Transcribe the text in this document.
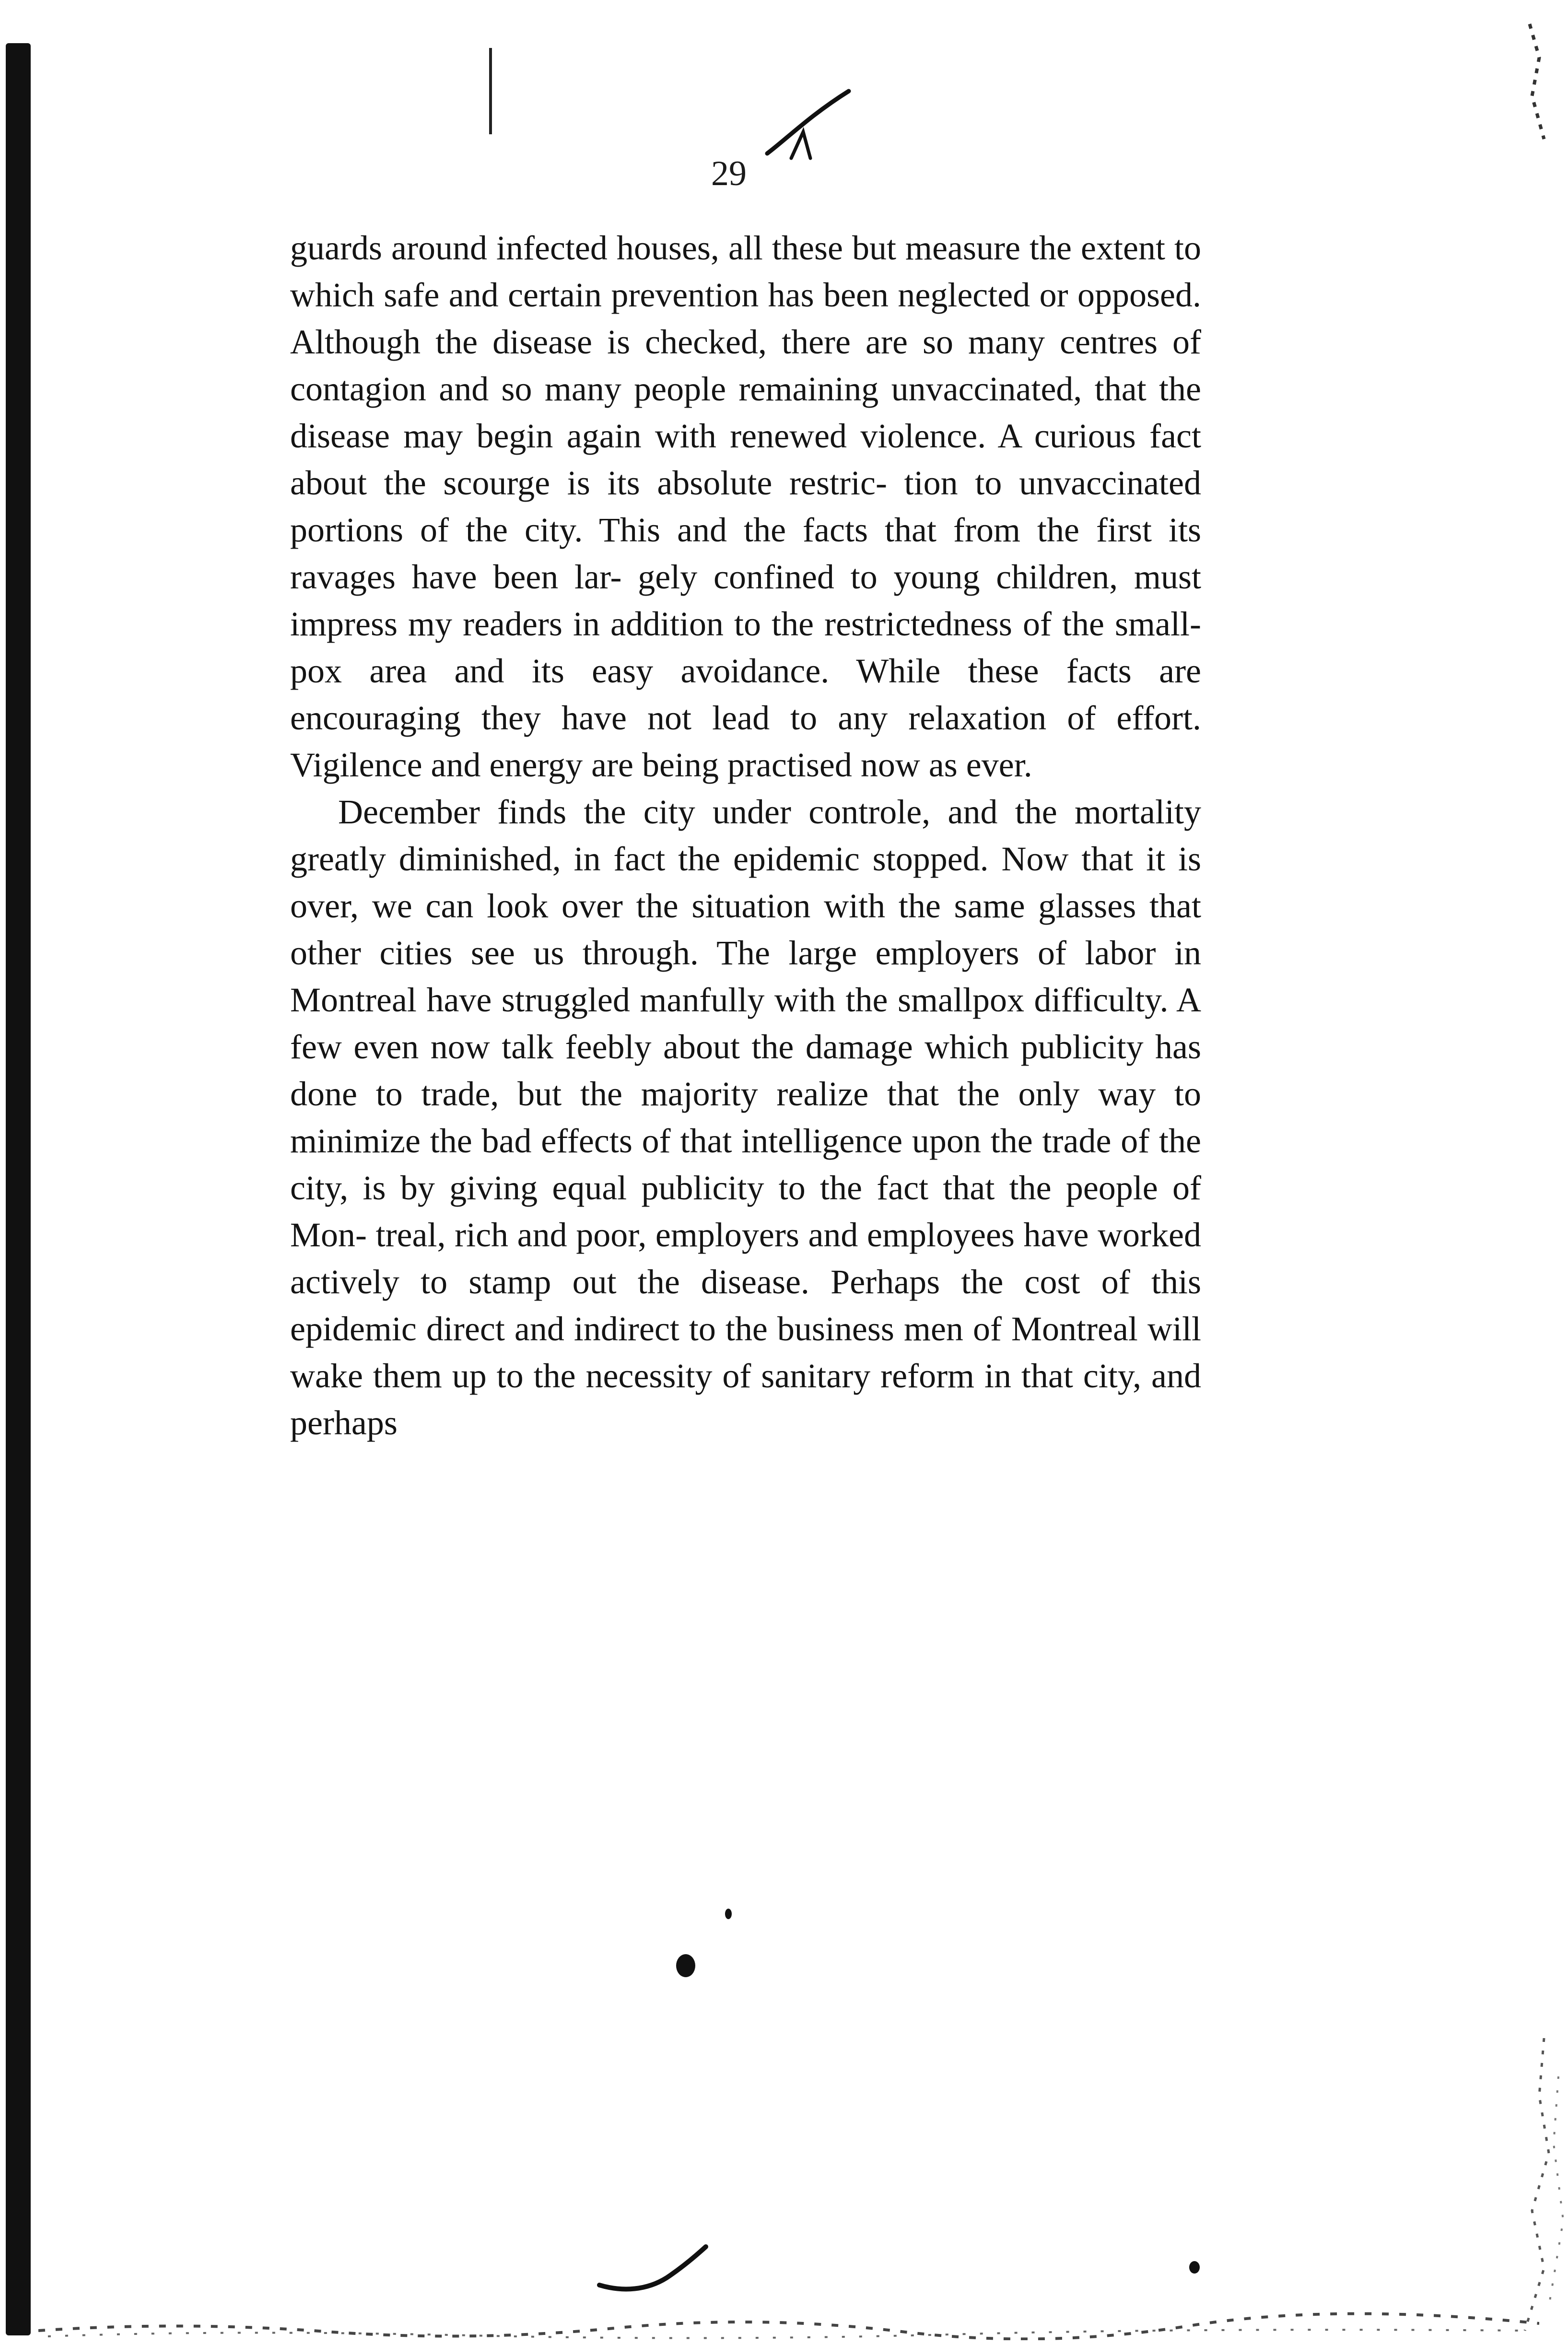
29

guards around infected houses, all these but measure the extent to which safe and certain prevention has been neglected or opposed. Although the disease is checked, there are so many centres of contagion and so many people remaining unvaccinated, that the disease may begin again with renewed violence. A curious fact about the scourge is its absolute restric- tion to unvaccinated portions of the city. This and the facts that from the first its ravages have been lar- gely confined to young children, must impress my readers in addition to the restrictedness of the small- pox area and its easy avoidance. While these facts are encouraging they have not lead to any relaxation of effort. Vigilence and energy are being practised now as ever.

December finds the city under controle, and the mortality greatly diminished, in fact the epidemic stopped. Now that it is over, we can look over the situation with the same glasses that other cities see us through. The large employers of labor in Montreal have struggled manfully with the smallpox difficulty. A few even now talk feebly about the damage which publicity has done to trade, but the majority realize that the only way to minimize the bad effects of that intelligence upon the trade of the city, is by giving equal publicity to the fact that the people of Mon- treal, rich and poor, employers and employees have worked actively to stamp out the disease. Perhaps the cost of this epidemic direct and indirect to the business men of Montreal will wake them up to the necessity of sanitary reform in that city, and perhaps
